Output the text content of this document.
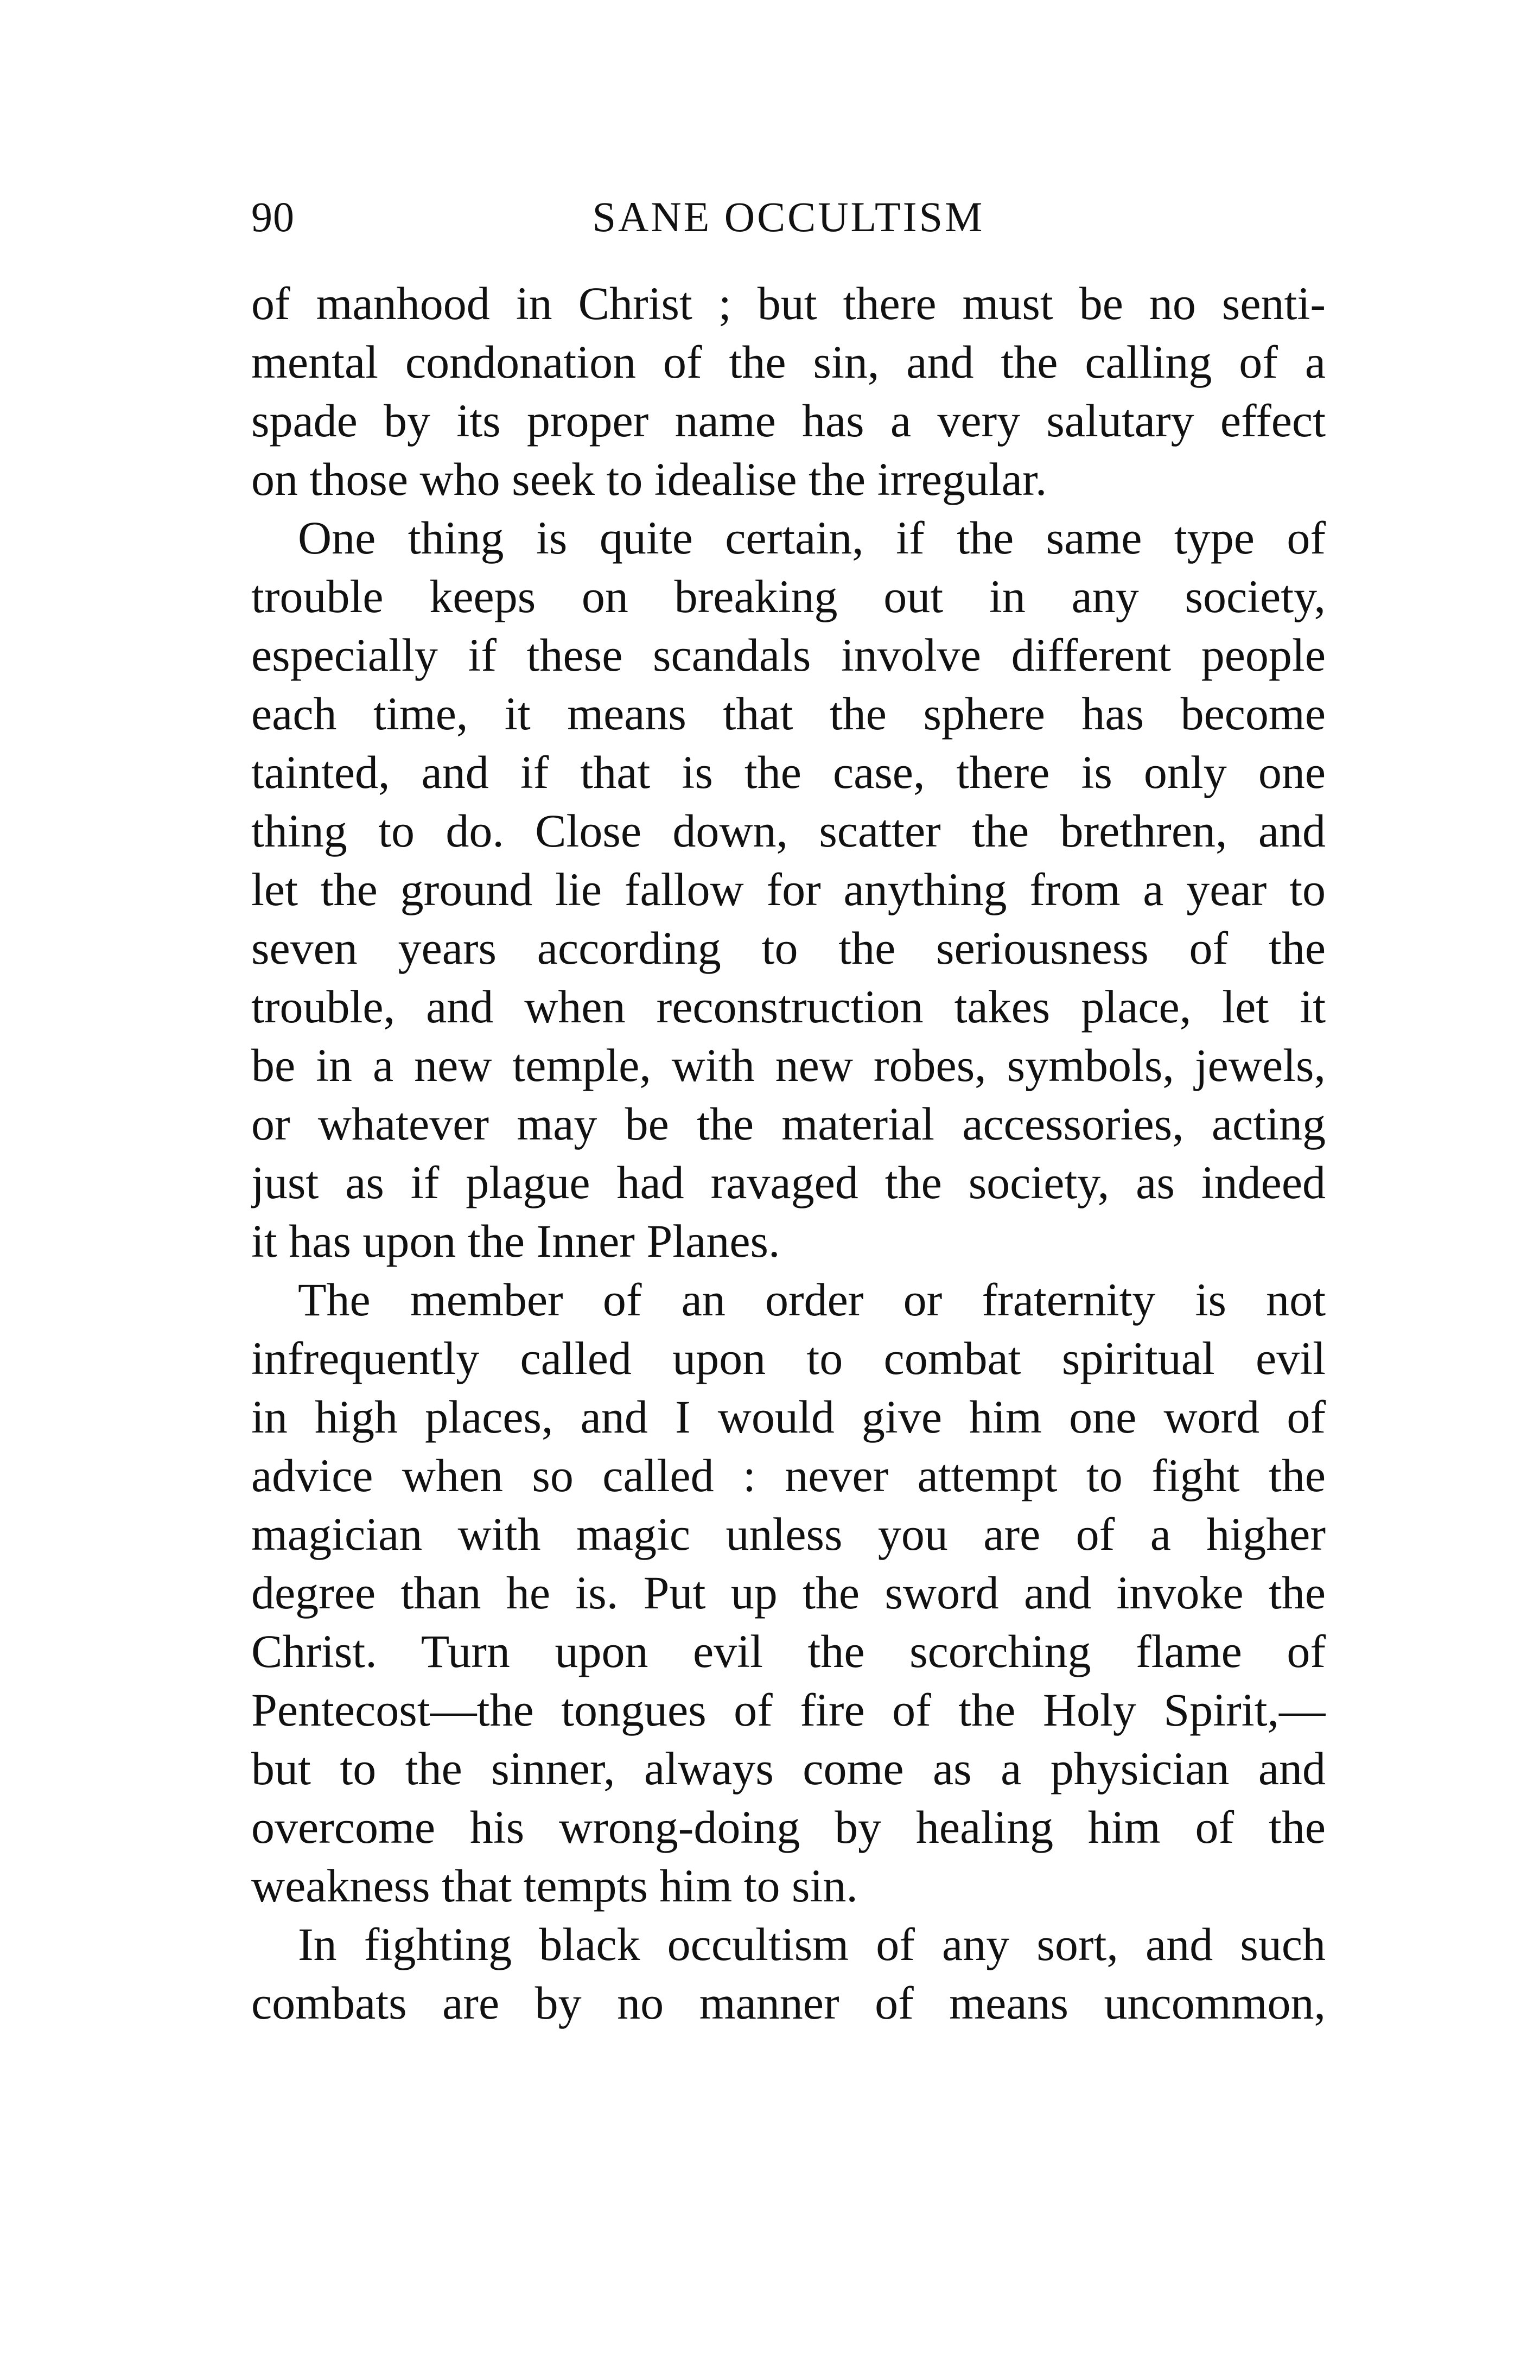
90	SANE OCCULTISM
of manhood in Christ ; but there must be no senti-
mental condonation of the sin, and the calling of a
spade by its proper name has a very salutary effect
on those who seek to idealise the irregular.
One thing is quite certain, if the same type of
trouble keeps on breaking out in any society,
especially if these scandals involve different people
each time, it means that the sphere has become
tainted, and if that is the case, there is only one
thing to do. Close down, scatter the brethren, and
let the ground lie fallow for anything from a year to
seven years according to the seriousness of the
trouble, and when reconstruction takes place, let it
be in a new temple, with new robes, symbols, jewels,
or whatever may be the material accessories, acting
just as if plague had ravaged the society, as indeed
it has upon the Inner Planes.
The member of an order or fraternity is not
infrequently called upon to combat spiritual evil
in high places, and I would give him one word of
advice when so called : never attempt to fight the
magician with magic unless you are of a higher
degree than he is. Put up the sword and invoke the
Christ. Turn upon evil the scorching flame of
Pentecost—the tongues of fire of the Holy Spirit,—
but to the sinner, always come as a physician and
overcome his wrong-doing by healing him of the
weakness that tempts him to sin.
In fighting black occultism of any sort, and such
combats are by no manner of means uncommon,
